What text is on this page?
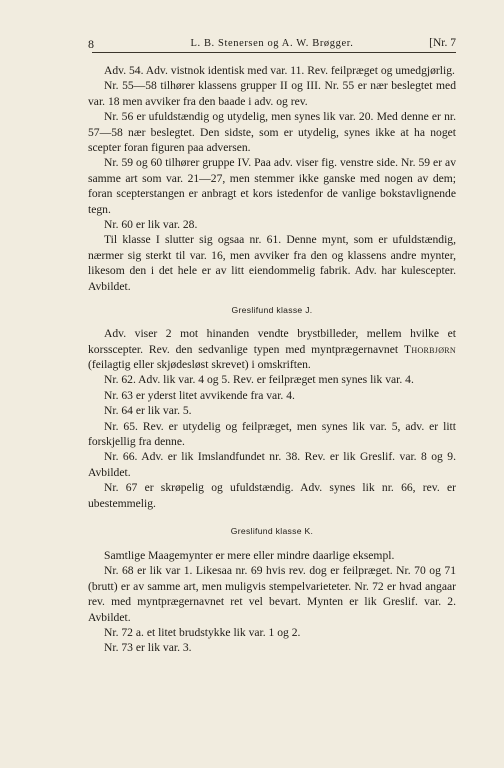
8	L. B. Stenersen og A. W. Brøgger.	[Nr. 7

Adv. 54. Adv. vistnok identisk med var. 11. Rev. feilpræget og umedgjørlig.

Nr. 55—58 tilhører klassens grupper II og III. Nr. 55 er nær beslegtet med var. 18 men avviker fra den baade i adv. og rev.

Nr. 56 er ufuldstændig og utydelig, men synes lik var. 20. Med denne er nr. 57—58 nær beslegtet. Den sidste, som er utydelig, synes ikke at ha noget scepter foran figuren paa adversen.

Nr. 59 og 60 tilhører gruppe IV. Paa adv. viser fig. venstre side. Nr. 59 er av samme art som var. 21—27, men stemmer ikke ganske med nogen av dem; foran scepterstangen er anbragt et kors istedenfor de vanlige bokstavlignende tegn.

Nr. 60 er lik var. 28.

Til klasse I slutter sig ogsaa nr. 61. Denne mynt, som er ufuldstændig, nærmer sig sterkt til var. 16, men avviker fra den og klassens andre mynter, likesom den i det hele er av litt eiendommelig fabrik. Adv. har kulescepter. Avbildet.

Greslifund klasse J.

Adv. viser 2 mot hinanden vendte brystbilleder, mellem hvilke et korsscepter. Rev. den sedvanlige typen med myntprægernavnet Thorbjørn (feilagtig eller skjødesløst skrevet) i omskriften.

Nr. 62. Adv. lik var. 4 og 5. Rev. er feilpræget men synes lik var. 4.

Nr. 63 er yderst litet avvikende fra var. 4.

Nr. 64 er lik var. 5.

Nr. 65. Rev. er utydelig og feilpræget, men synes lik var. 5, adv. er litt forskjellig fra denne.

Nr. 66. Adv. er lik Imslandfundet nr. 38. Rev. er lik Greslif. var. 8 og 9. Avbildet.

Nr. 67 er skrøpelig og ufuldstændig. Adv. synes lik nr. 66, rev. er ubestemmelig.

Greslifund klasse K.

Samtlige Maagemynter er mere eller mindre daarlige eksempl.

Nr. 68 er lik var 1. Likesaa nr. 69 hvis rev. dog er feilpræget. Nr. 70 og 71 (brutt) er av samme art, men muligvis stempelvarieteter. Nr. 72 er hvad angaar rev. med myntprægernavnet ret vel bevart. Mynten er lik Greslif. var. 2. Avbildet.

Nr. 72 a. et litet brudstykke lik var. 1 og 2.

Nr. 73 er lik var. 3.
